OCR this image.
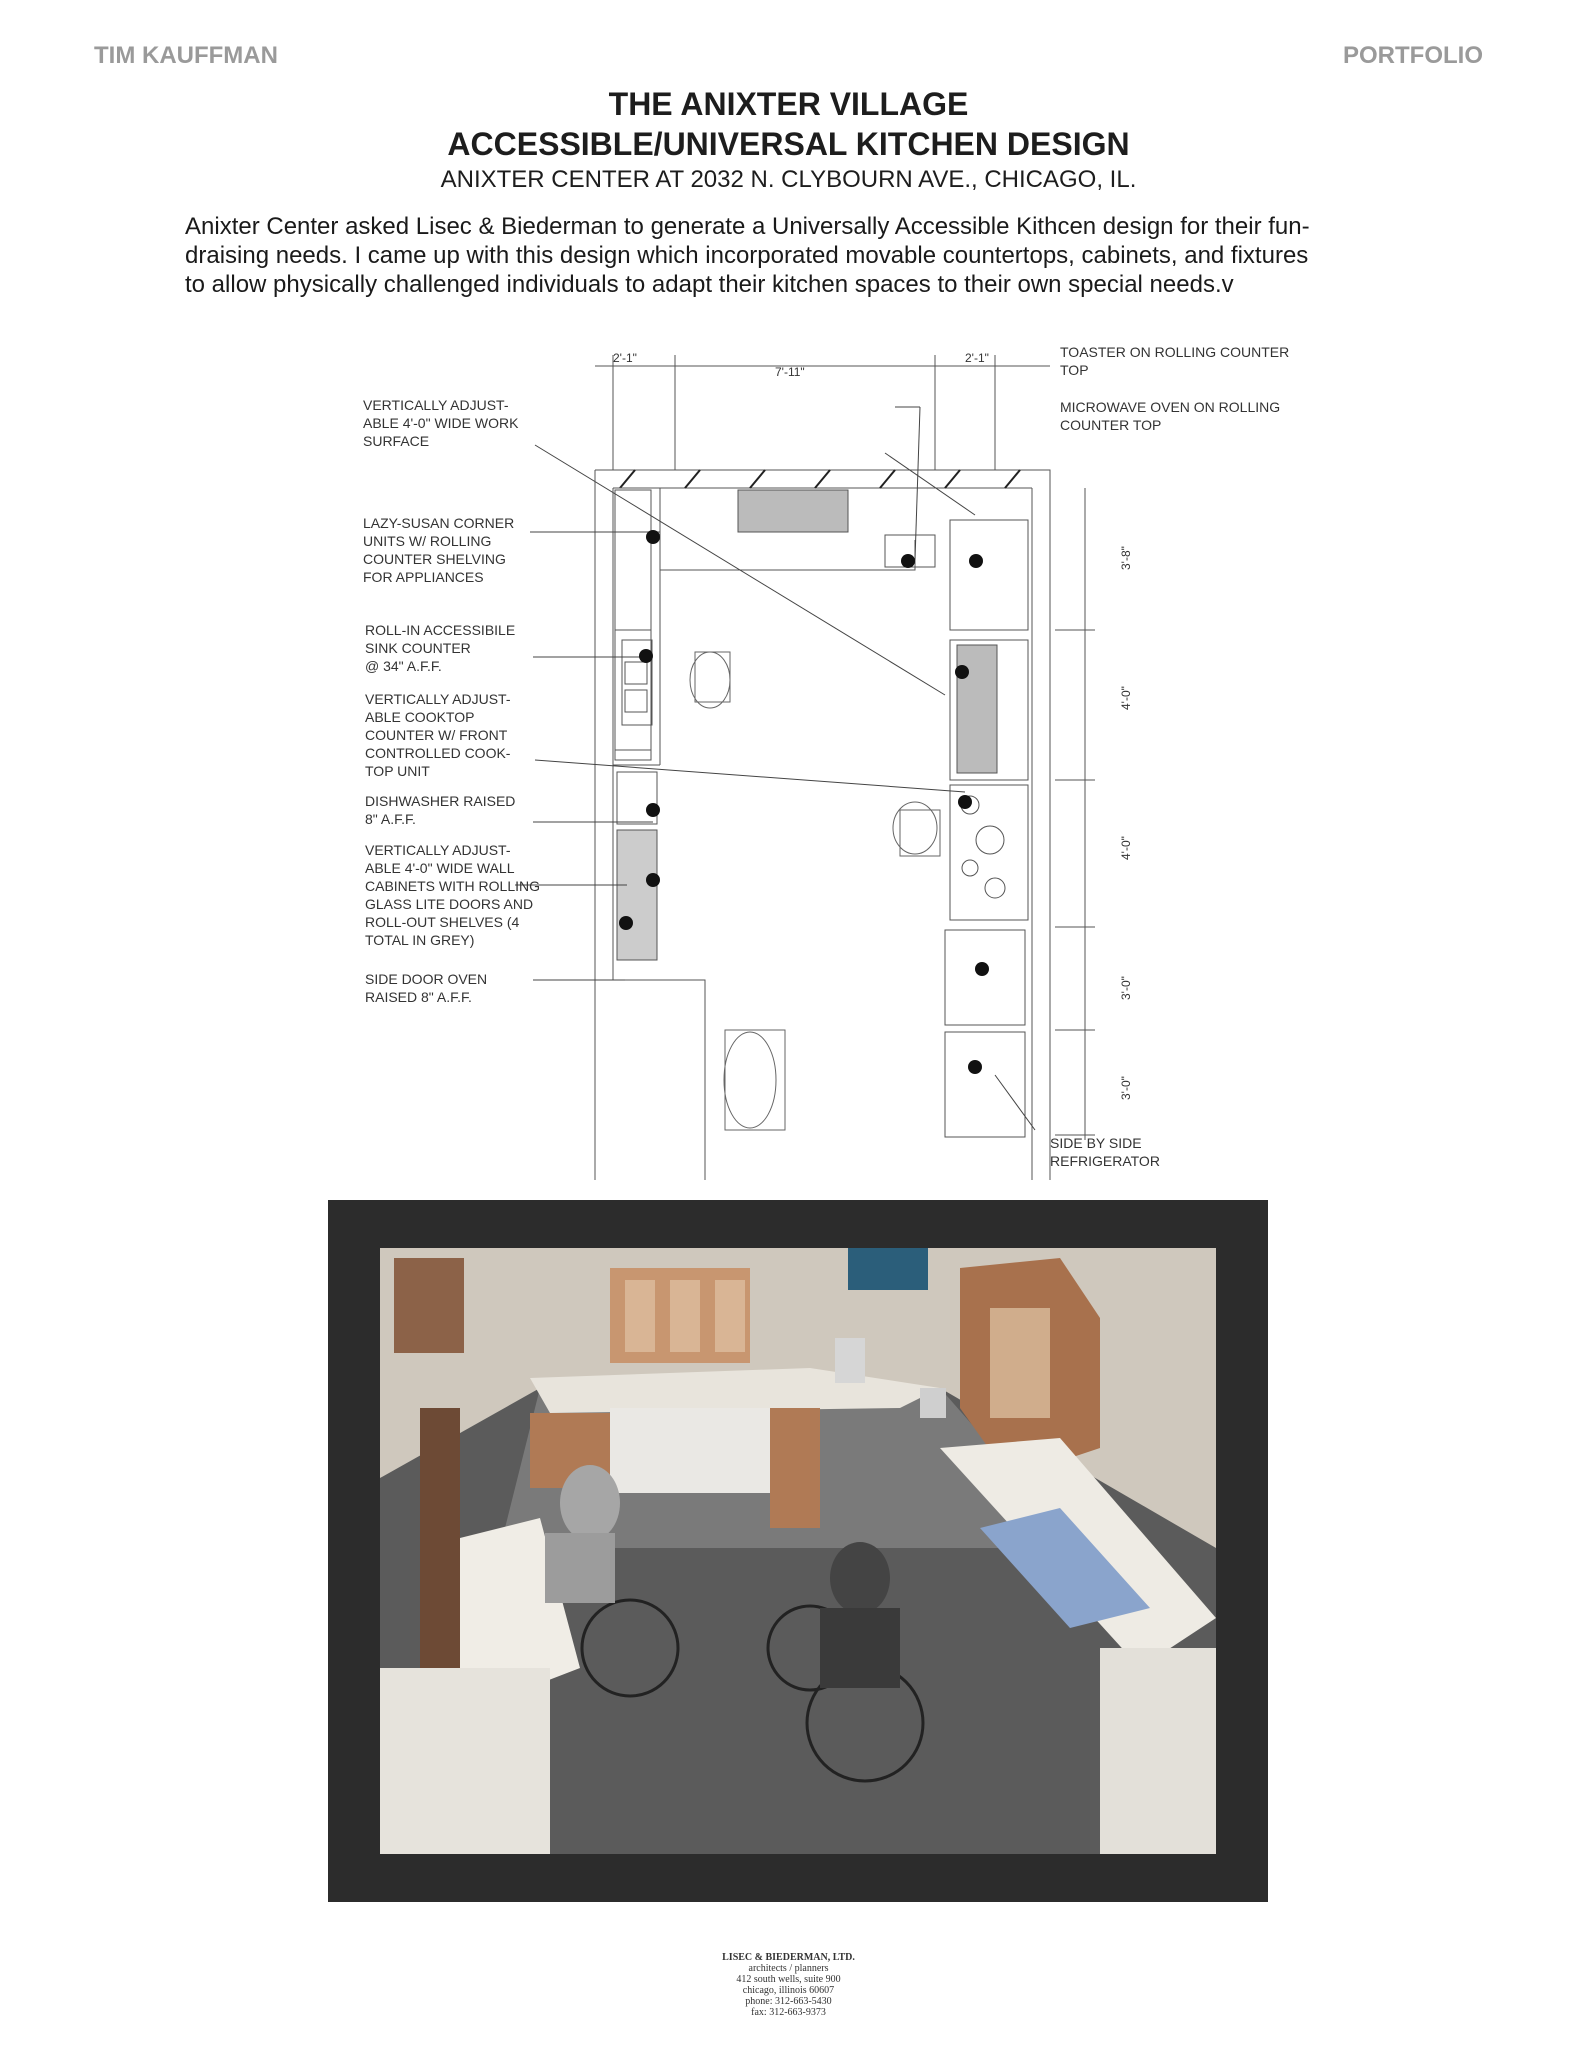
TIM KAUFFMAN	PORTFOLIO
THE ANIXTER VILLAGE
ACCESSIBLE/UNIVERSAL KITCHEN DESIGN
ANIXTER CENTER AT 2032 N. CLYBOURN AVE., CHICAGO, IL.

Anixter Center asked Lisec & Biederman to generate a Universally Accessible Kithcen design for their fun-

draising needs. I came up with this design which incorporated movable countertops, cabinets, and fixtures

to allow physically challenged individuals to adapt their kitchen spaces to their own special needs.v

2'-1"
7'-11"
2'-1"
3'-8"
4'-0"
4'-0"
3'-0"
3'-0"
VERTICALLY ADJUST-ABLE 4'-0" WIDE WORK SURFACE
LAZY-SUSAN CORNER UNITS W/ ROLLING COUNTER SHELVING FOR APPLIANCES
ROLL-IN ACCESSIBILE SINK COUNTER @ 34" A.F.F.
VERTICALLY ADJUST-ABLE COOKTOP COUNTER W/ FRONT CONTROLLED COOK-TOP UNIT
DISHWASHER RAISED 8" A.F.F.
VERTICALLY ADJUST-ABLE 4'-0" WIDE WALL CABINETS WITH ROLLING GLASS LITE DOORS AND ROLL-OUT SHELVES (4 TOTAL IN GREY)
SIDE DOOR OVEN RAISED 8" A.F.F.
TOASTER ON ROLLING COUNTER TOP
MICROWAVE OVEN ON ROLLING COUNTER TOP
SIDE BY SIDE REFRIGERATOR
LISEC & BIEDERMAN, LTD.
architects / planners
412 south wells, suite 900
chicago, illinois 60607
phone: 312-663-5430
fax: 312-663-9373
